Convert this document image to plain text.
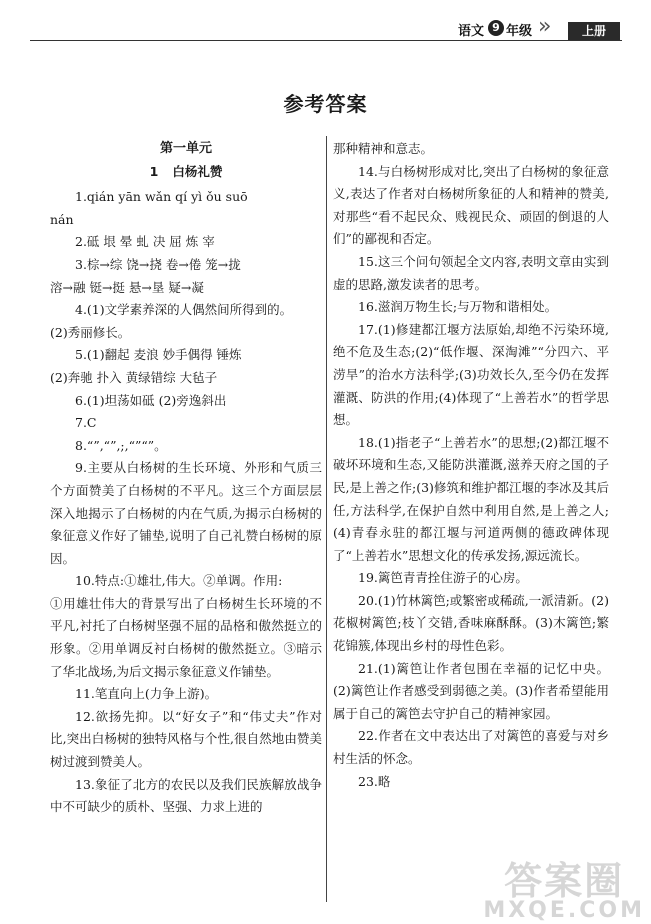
语文 9 年级 »	上册
参考答案
第一单元
1 白杨礼赞

1.qián yān wǎn qí yì ǒu suō

nán

2.砥 垠 晕 虬 决 屈 炼 宰

3.棕→综 饶→挠 卷→倦 笼→拢

溶→融 铤→挺 悬→垦 疑→凝

4.(1)文学素养深的人偶然间所得到的。

(2)秀丽修长。

5.(1)翻起 麦浪 妙手偶得 锤炼

(2)奔驰 扑入 黄绿错综 大毡子

6.(1)坦荡如砥 (2)旁逸斜出

7.C

8.“”,“”,;,“”“”。

9.主要从白杨树的生长环境、外形和气质三个方面赞美了白杨树的不平凡。这三个方面层层深入地揭示了白杨树的内在气质,为揭示白杨树的象征意义作好了铺垫,说明了自己礼赞白杨树的原因。

10.特点:①雄壮,伟大。②单调。作用:

①用雄壮伟大的背景写出了白杨树生长环境的不平凡,衬托了白杨树坚强不屈的品格和傲然挺立的形象。②用单调反衬白杨树的傲然挺立。③暗示了华北战场,为后文揭示象征意义作铺垫。

11.笔直向上(力争上游)。

12.欲扬先抑。以“好女子”和“伟丈夫”作对比,突出白杨树的独特风格与个性,很自然地由赞美树过渡到赞美人。

13.象征了北方的农民以及我们民族解放战争中不可缺少的质朴、坚强、力求上进的

那种精神和意志。

14.与白杨树形成对比,突出了白杨树的象征意义,表达了作者对白杨树所象征的人和精神的赞美,对那些“看不起民众、贱视民众、顽固的倒退的人们”的鄙视和否定。

15.这三个问句领起全文内容,表明文章由实到虚的思路,激发读者的思考。

16.滋润万物生长;与万物和谐相处。

17.(1)修建都江堰方法原始,却绝不污染环境,绝不危及生态;(2)“低作堰、深淘滩”“分四六、平涝旱”的治水方法科学;(3)功效长久,至今仍在发挥灌溉、防洪的作用;(4)体现了“上善若水”的哲学思想。

18.(1)指老子“上善若水”的思想;(2)都江堰不破坏环境和生态,又能防洪灌溉,滋养天府之国的子民,是上善之作;(3)修筑和维护都江堰的李冰及其后任,方法科学,在保护自然中利用自然,是上善之人;(4)青春永驻的都江堰与河道两侧的德政碑体现了“上善若水”思想文化的传承发扬,源远流长。

19.篱笆青青拴住游子的心房。

20.(1)竹林篱笆;或繁密或稀疏,一派清新。(2)花椒树篱笆;枝丫交错,香味麻酥酥。(3)木篱笆;繁花锦簇,体现出乡村的母性色彩。

21.(1)篱笆让作者包围在幸福的记忆中央。(2)篱笆让作者感受到弱德之美。(3)作者希望能用属于自己的篱笆去守护自己的精神家园。

22.作者在文中表达出了对篱笆的喜爱与对乡村生活的怀念。

23.略

答案圈
MXQE.COM
